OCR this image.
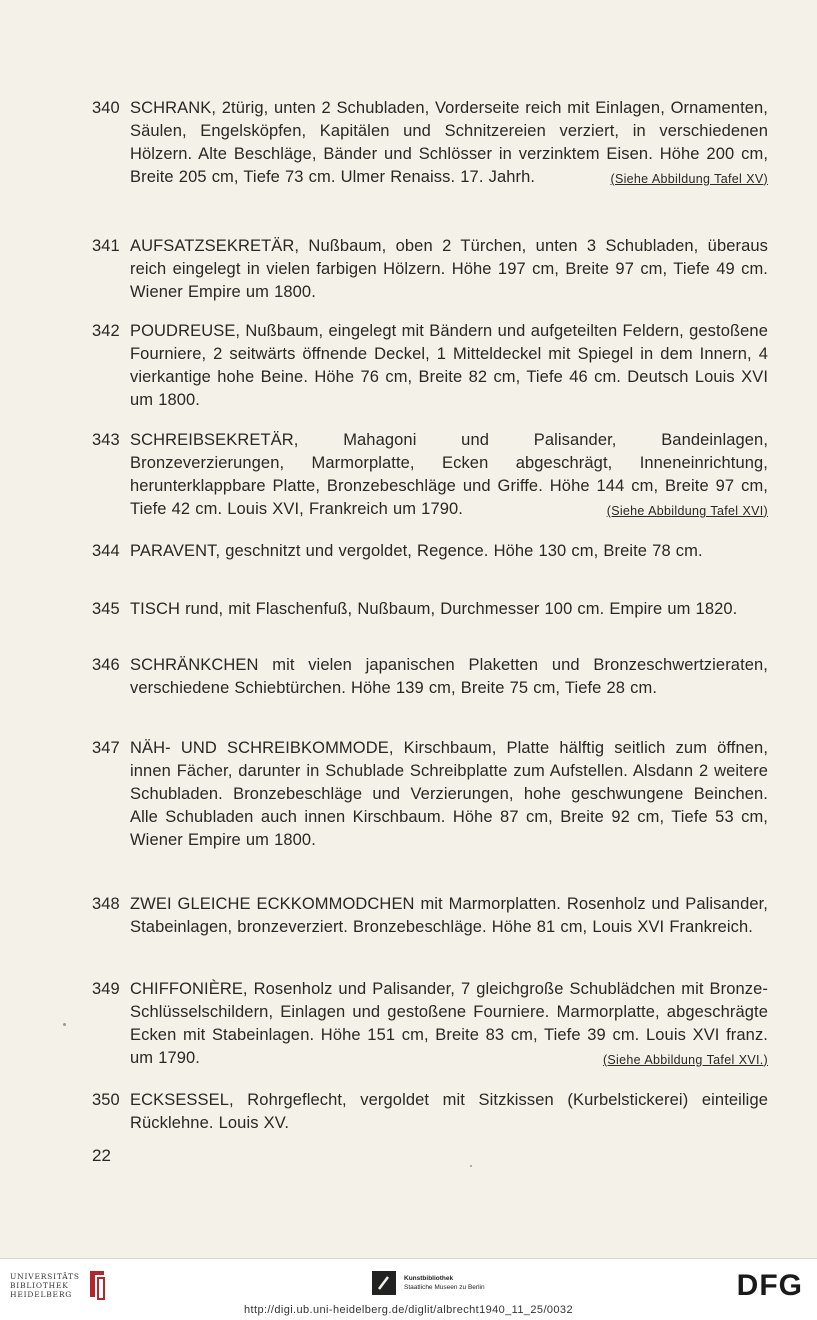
340 SCHRANK, 2türig, unten 2 Schubladen, Vorderseite reich mit Einlagen, Ornamenten, Säulen, Engelsköpfen, Kapitälen und Schnitzereien verziert, in verschiedenen Hölzern. Alte Beschläge, Bänder und Schlösser in verzinktem Eisen. Höhe 200 cm, Breite 205 cm, Tiefe 73 cm. Ulmer Renaiss. 17. Jahrh.	(Siehe Abbildung Tafel XV )
341 AUFSATZSEKRETÄR, Nußbaum, oben 2 Türchen, unten 3 Schubladen, überaus reich eingelegt in vielen farbigen Hölzern. Höhe 197 cm, Breite 97 cm, Tiefe 49 cm. Wiener Empire um 1800.
342 POUDREUSE, Nußbaum, eingelegt mit Bändern und aufgeteilten Feldern, gestoßene Fourniere, 2 seitwärts öffnende Deckel, 1 Mitteldeckel mit Spiegel in dem Innern, 4 vierkantige hohe Beine. Höhe 76 cm, Breite 82 cm, Tiefe 46 cm. Deutsch Louis XVI um 1800.
343 SCHREIBSEKRETÄR, Mahagoni und Palisander, Bandeinlagen, Bronzeverzierungen, Marmorplatte, Ecken abgeschrägt, Inneneinrichtung, herunterklappbare Platte, Bronzebeschläge und Griffe. Höhe 144 cm, Breite 97 cm, Tiefe 42 cm. Louis XVI, Frankreich um 1790.	(Siehe Abbildung Tafel XVI )
344 PARAVENT, geschnitzt und vergoldet, Regence. Höhe 130 cm, Breite 78 cm.
345 TISCH rund, mit Flaschenfuß, Nußbaum, Durchmesser 100 cm. Empire um 1820.
346 SCHRÄNKCHEN mit vielen japanischen Plaketten und Bronzeschwertzieraten, verschiedene Schiebtürchen. Höhe 139 cm, Breite 75 cm, Tiefe 28 cm.
347 NÄH- UND SCHREIBKOMMODE, Kirschbaum, Platte hälftig seitlich zum öffnen, innen Fächer, darunter in Schublade Schreibplatte zum Aufstellen. Alsdann 2 weitere Schubladen. Bronzebeschläge und Verzierungen, hohe geschwungene Beinchen. Alle Schubladen auch innen Kirschbaum. Höhe 87 cm, Breite 92 cm, Tiefe 53 cm, Wiener Empire um 1800.
348 ZWEI GLEICHE ECKKOMMODCHEN mit Marmorplatten. Rosenholz und Palisander, Stabeinlagen, bronzeverziert. Bronzebeschläge. Höhe 81 cm, Louis XVI Frankreich.
349 CHIFFONIÈRE, Rosenholz und Palisander, 7 gleichgroße Schublädchen mit Bronze-Schlüsselschildern, Einlagen und gestoßene Fourniere. Marmorplatte, abgeschrägte Ecken mit Stabeinlagen. Höhe 151 cm, Breite 83 cm, Tiefe 39 cm. Louis XVI franz. um 1790.	(Siehe Abbildung Tafel XVI. )
350 ECKSESSEL, Rohrgeflecht, vergoldet mit Sitzkissen (Kurbelstickerei) einteilige Rücklehne. Louis XV.
22
UNIVERSITÄTS
BIBLIOTHEK
HEIDELBERG
Kunstbibliothek
Staatliche Museen zu Berlin	DFG
http://digi.ub.uni-heidelberg.de/diglit/albrecht1940_11_25/0032
